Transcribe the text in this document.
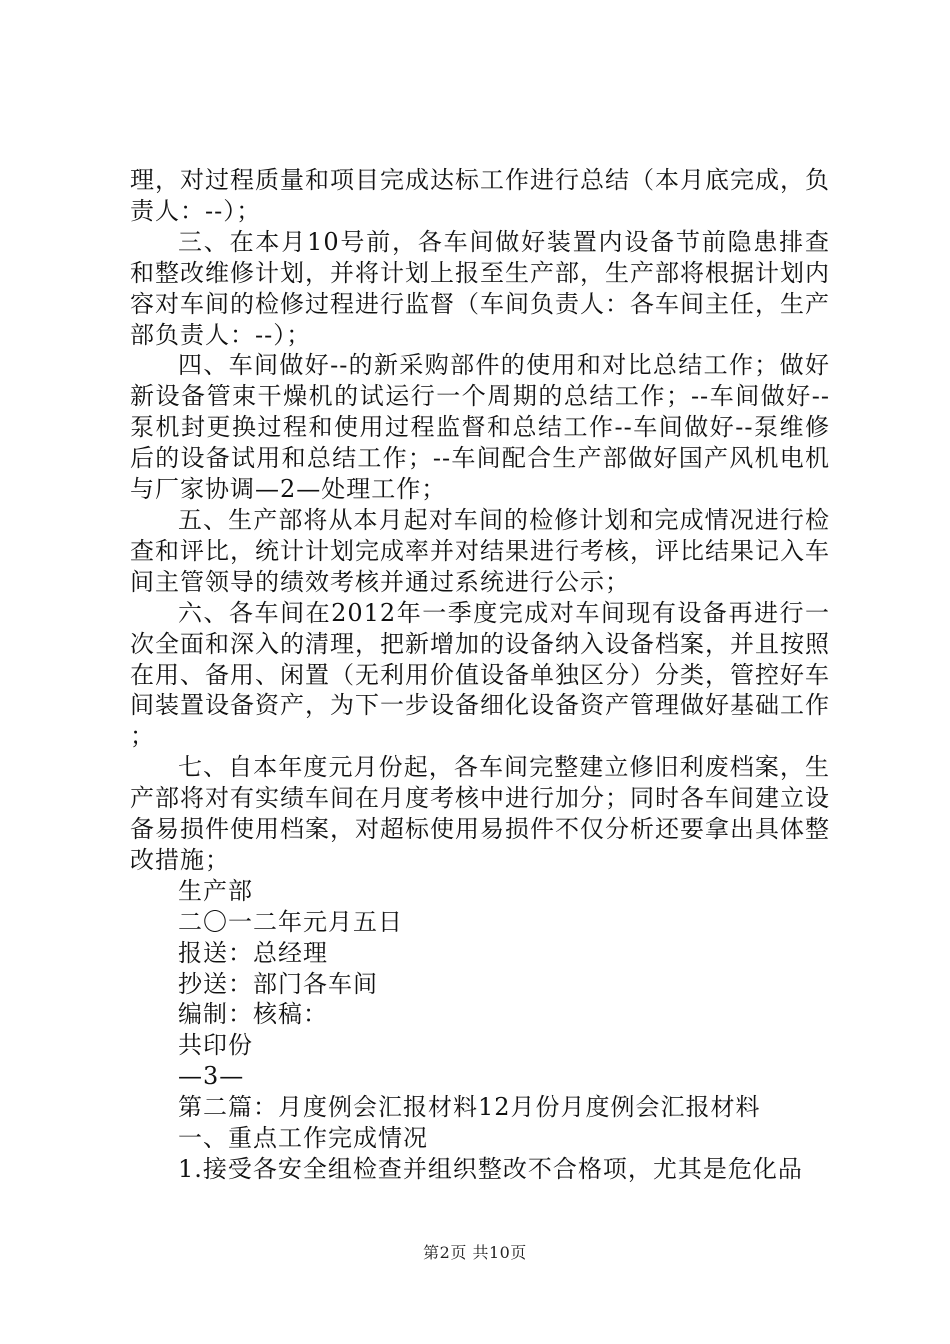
理，对过程质量和项目完成达标工作进行总结（本月底完成，负责人：--）；

三、在本月10号前，各车间做好装置内设备节前隐患排查和整改维修计划，并将计划上报至生产部，生产部将根据计划内容对车间的检修过程进行监督（车间负责人：各车间主任，生产部负责人：--）；

四、车间做好--的新采购部件的使用和对比总结工作；做好新设备管束干燥机的试运行一个周期的总结工作；--车间做好--泵机封更换过程和使用过程监督和总结工作--车间做好--泵维修后的设备试用和总结工作；--车间配合生产部做好国产风机电机与厂家协调—2—处理工作；

五、生产部将从本月起对车间的检修计划和完成情况进行检查和评比，统计计划完成率并对结果进行考核，评比结果记入车间主管领导的绩效考核并通过系统进行公示；

六、各车间在2012年一季度完成对车间现有设备再进行一次全面和深入的清理，把新增加的设备纳入设备档案，并且按照在用、备用、闲置（无利用价值设备单独区分）分类，管控好车间装置设备资产，为下一步设备细化设备资产管理做好基础工作；

七、自本年度元月份起，各车间完整建立修旧利废档案，生产部将对有实绩车间在月度考核中进行加分；同时各车间建立设备易损件使用档案，对超标使用易损件不仅分析还要拿出具体整改措施；

生产部

二〇一二年元月五日

报送：总经理

抄送：部门各车间

编制：核稿：

共印份

—3—

第二篇：月度例会汇报材料12月份月度例会汇报材料

一、重点工作完成情况

1.接受各安全组检查并组织整改不合格项，尤其是危化品

第2页 共10页
